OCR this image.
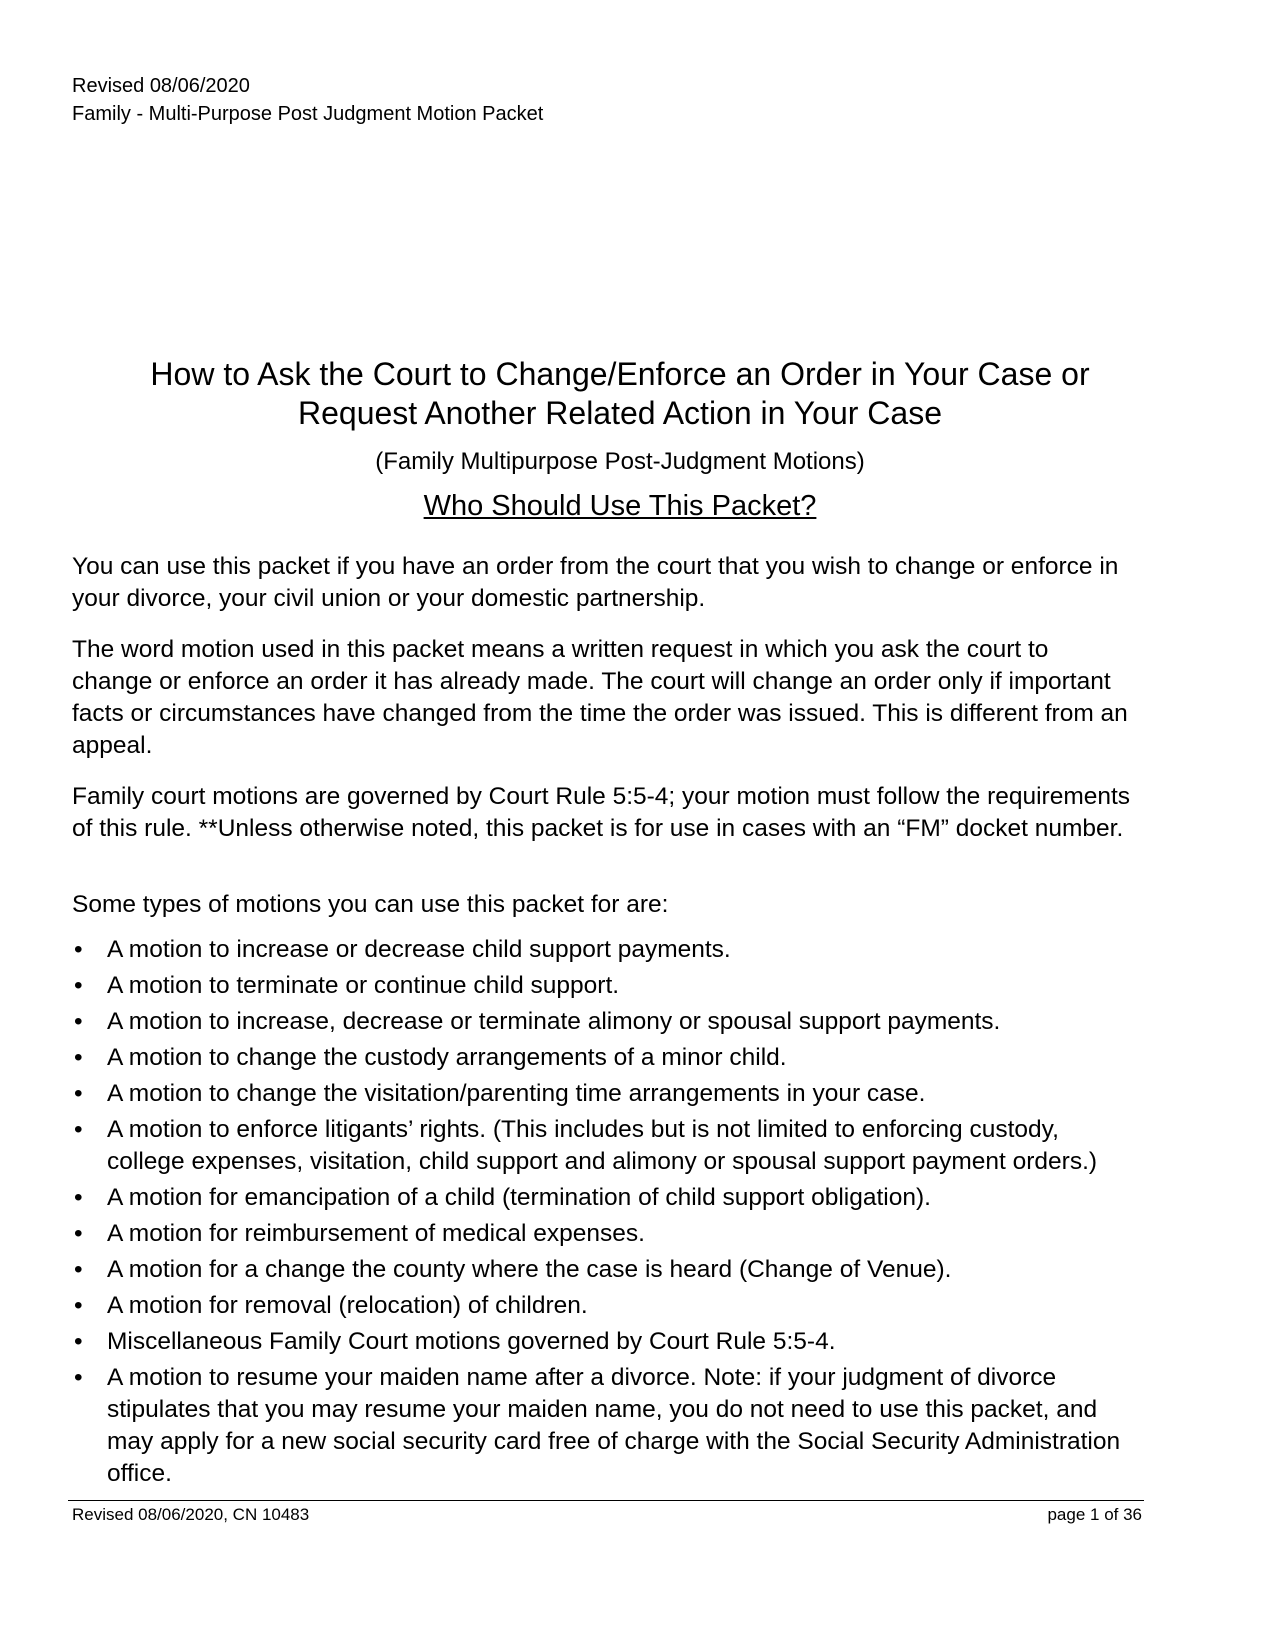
Revised 08/06/2020
Family - Multi-Purpose Post Judgment Motion Packet
How to Ask the Court to Change/Enforce an Order in Your Case or
Request Another Related Action in Your Case
(Family Multipurpose Post-Judgment Motions)
Who Should Use This Packet?
You can use this packet if you have an order from the court that you wish to change or enforce in your divorce, your civil union or your domestic partnership.
The word motion used in this packet means a written request in which you ask the court to change or enforce an order it has already made. The court will change an order only if important facts or circumstances have changed from the time the order was issued. This is different from an appeal.
Family court motions are governed by Court Rule 5:5-4; your motion must follow the requirements of this rule. **Unless otherwise noted, this packet is for use in cases with an “FM” docket number.
Some types of motions you can use this packet for are:
• A motion to increase or decrease child support payments.
• A motion to terminate or continue child support.
• A motion to increase, decrease or terminate alimony or spousal support payments.
• A motion to change the custody arrangements of a minor child.
• A motion to change the visitation/parenting time arrangements in your case.
• A motion to enforce litigants’ rights. (This includes but is not limited to enforcing custody, college expenses, visitation, child support and alimony or spousal support payment orders.)
• A motion for emancipation of a child (termination of child support obligation).
• A motion for reimbursement of medical expenses.
• A motion for a change the county where the case is heard (Change of Venue).
• A motion for removal (relocation) of children.
• Miscellaneous Family Court motions governed by Court Rule 5:5-4.
• A motion to resume your maiden name after a divorce. Note: if your judgment of divorce stipulates that you may resume your maiden name, you do not need to use this packet, and may apply for a new social security card free of charge with the Social Security Administration office.
Revised 08/06/2020, CN 10483	page 1 of 36
